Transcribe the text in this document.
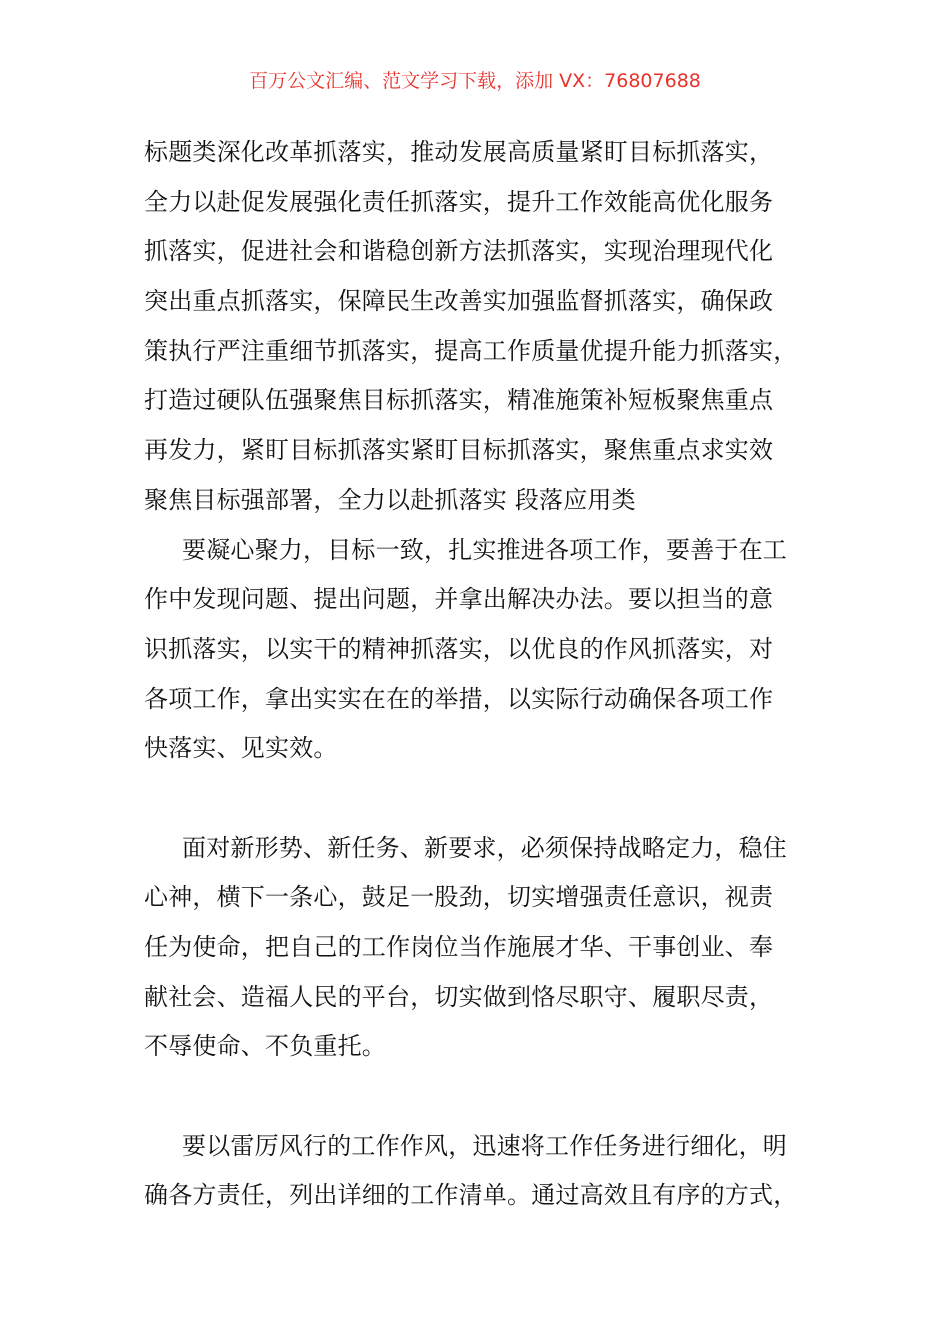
百万公文汇编、范文学习下载，添加 VX：76807688
标题类深化改革抓落实，推动发展高质量紧盯目标抓落实，
全力以赴促发展强化责任抓落实，提升工作效能高优化服务
抓落实，促进社会和谐稳创新方法抓落实，实现治理现代化
突出重点抓落实，保障民生改善实加强监督抓落实，确保政
策执行严注重细节抓落实，提高工作质量优提升能力抓落实，
打造过硬队伍强聚焦目标抓落实，精准施策补短板聚焦重点
再发力，紧盯目标抓落实紧盯目标抓落实，聚焦重点求实效
聚焦目标强部署，全力以赴抓落实 段落应用类
要凝心聚力，目标一致，扎实推进各项工作，要善于在工
作中发现问题、提出问题，并拿出解决办法。要以担当的意
识抓落实，以实干的精神抓落实，以优良的作风抓落实，对
各项工作，拿出实实在在的举措，以实际行动确保各项工作
快落实、见实效。
面对新形势、新任务、新要求，必须保持战略定力，稳住
心神，横下一条心，鼓足一股劲，切实增强责任意识，视责
任为使命，把自己的工作岗位当作施展才华、干事创业、奉
献社会、造福人民的平台，切实做到恪尽职守、履职尽责，
不辱使命、不负重托。
要以雷厉风行的工作作风，迅速将工作任务进行细化，明
确各方责任，列出详细的工作清单。通过高效且有序的方式，
